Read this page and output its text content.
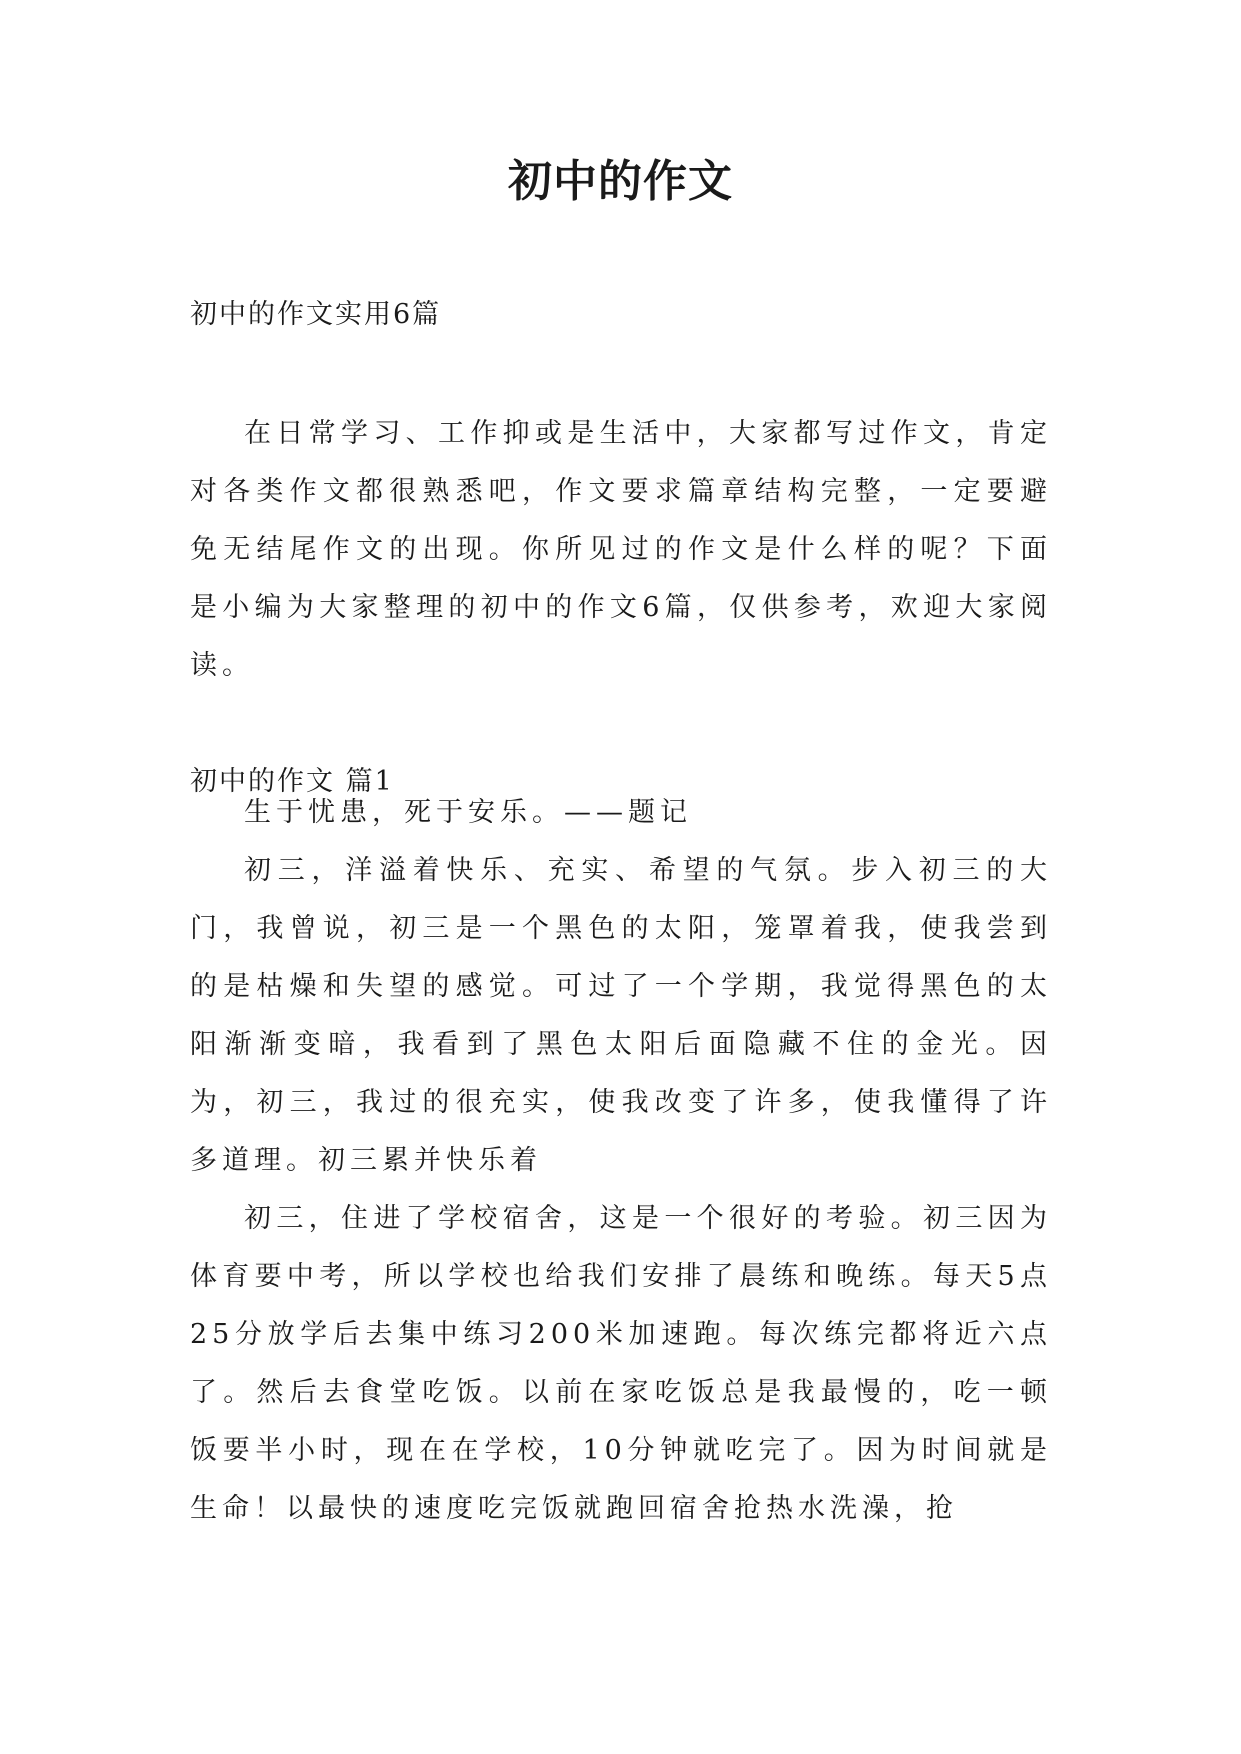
初中的作文
初中的作文实用6篇
在日常学习、工作抑或是生活中，大家都写过作文，肯定对各类作文都很熟悉吧，作文要求篇章结构完整，一定要避免无结尾作文的出现。你所见过的作文是什么样的呢？下面是小编为大家整理的初中的作文6篇，仅供参考，欢迎大家阅读。
初中的作文 篇1
生于忧患，死于安乐。——题记
初三，洋溢着快乐、充实、希望的气氛。步入初三的大门，我曾说，初三是一个黑色的太阳，笼罩着我，使我尝到的是枯燥和失望的感觉。可过了一个学期，我觉得黑色的太阳渐渐变暗，我看到了黑色太阳后面隐藏不住的金光。因为，初三，我过的很充实，使我改变了许多，使我懂得了许多道理。初三累并快乐着
初三，住进了学校宿舍，这是一个很好的考验。初三因为体育要中考，所以学校也给我们安排了晨练和晚练。每天5点25分放学后去集中练习200米加速跑。每次练完都将近六点了。然后去食堂吃饭。以前在家吃饭总是我最慢的，吃一顿饭要半小时，现在在学校，10分钟就吃完了。因为时间就是生命！以最快的速度吃完饭就跑回宿舍抢热水洗澡，抢
